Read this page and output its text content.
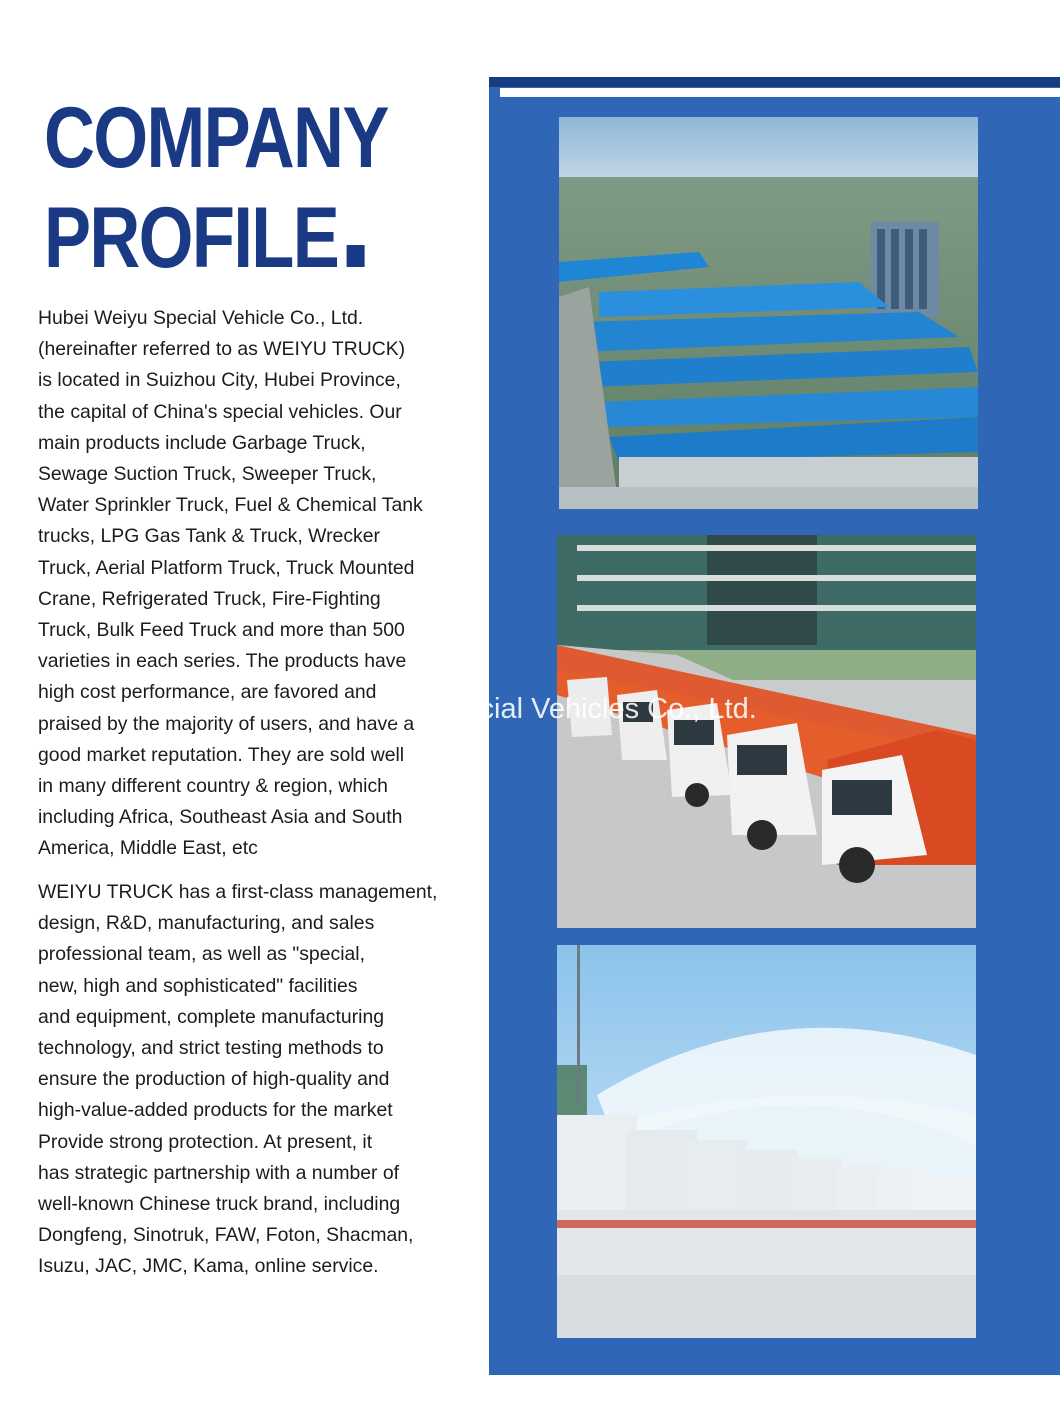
COMPANY
PROFILE

Hubei Weiyu Special Vehicle Co., Ltd.
(hereinafter referred to as WEIYU TRUCK)
is located in Suizhou City, Hubei Province,
the capital of China's special vehicles. Our
main products include Garbage Truck,
Sewage Suction Truck, Sweeper Truck,
Water Sprinkler Truck, Fuel & Chemical Tank
trucks, LPG Gas Tank & Truck, Wrecker
Truck, Aerial Platform Truck, Truck Mounted
Crane, Refrigerated Truck, Fire-Fighting
Truck, Bulk Feed Truck and more than 500
varieties in each series. The products have
high cost performance, are favored and
praised by the majority of users, and have a
good market reputation. They are sold well
in many different country & region, which
including Africa, Southeast Asia and South
America, Middle East, etc

WEIYU TRUCK has a first-class management,
design, R&D, manufacturing, and sales
professional team, as well as "special,
new, high and sophisticated" facilities
and equipment, complete manufacturing
technology, and strict testing methods to
ensure the production of high-quality and
high-value-added products for the market
Provide strong protection. At present, it
has strategic partnership with a number of
well-known Chinese truck brand, including
Dongfeng, Sinotruk, FAW, Foton, Shacman,
Isuzu, JAC, JMC, Kama, online service.

Hubei Weiyu Special Vehicles Co., Ltd.
